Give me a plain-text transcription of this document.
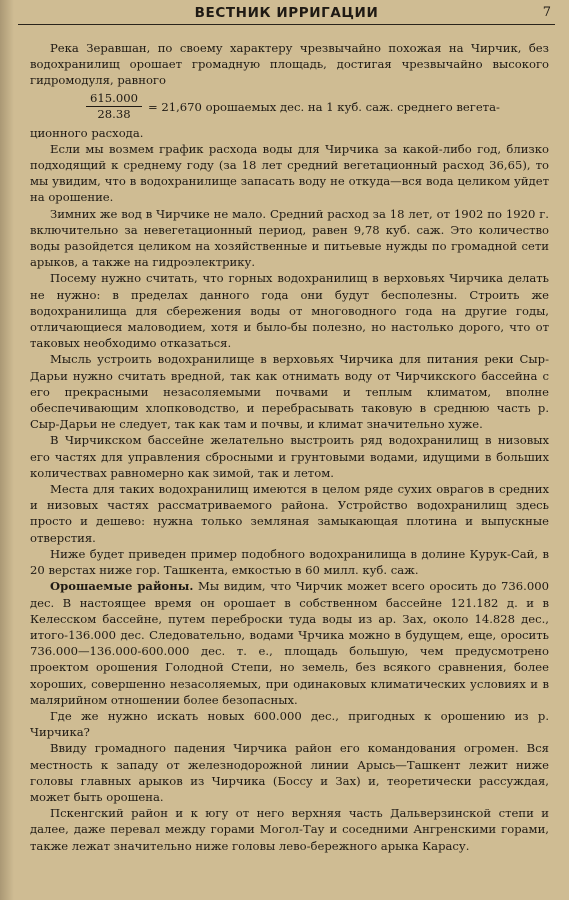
ВЕСТНИК ИРРИГАЦИИ	7

Река Зеравшан, по своему характеру чрезвычайно похожая на Чирчик, без водохранилищ орошает громадную площадь, достигая чрезвычайно высокого гидромодуля, равного

$\frac{615.000}{28.38} = 21,670$ орошаемых дес. на 1 куб. саж. среднего вегета-

ционного расхода.

Если мы возмем график расхода воды для Чирчика за какой-либо год, близко подходящий к среднему году (за 18 лет средний вегетационный расход 36,65), то мы увидим, что в водохранилище запасать воду не откуда—вся вода целиком уйдет на орошение.

Зимних же вод в Чирчике не мало. Средний расход за 18 лет, от 1902 по 1920 г. включительно за невегетационный период, равен 9,78 куб. саж. Это количество воды разойдется целиком на хозяйственные и питьевые нужды по громадной сети арыков, а также на гидроэлектрику.

Посему нужно считать, что горных водохранилищ в верховьях Чирчика делать не нужно: в пределах данного года они будут бесполезны. Строить же водохранилища для сбережения воды от многоводного года на другие годы, отличающиеся маловодием, хотя и было-бы полезно, но настолько дорого, что от таковых необходимо отказаться.

Мысль устроить водохранилище в верховьях Чирчика для питания реки Сыр-Дарьи нужно считать вредной, так как отнимать воду от Чирчикского бассейна с его прекрасными незасоляемыми почвами и теплым климатом, вполне обеспечивающим хлопководство, и перебрасывать таковую в среднюю часть р. Сыр-Дарьи не следует, так как там и почвы, и климат значительно хуже.

В Чирчикском бассейне желательно выстроить ряд водохранилищ в низовых его частях для управления сбросными и грунтовыми водами, идущими в больших количествах равномерно как зимой, так и летом.

Места для таких водохранилищ имеются в целом ряде сухих оврагов в средних и низовых частях рассматриваемого района. Устройство водохранилищ здесь просто и дешево: нужна только земляная замыкающая плотина и выпускные отверстия.

Ниже будет приведен пример подобного водохранилища в долине Курук-Сай, в 20 верстах ниже гор. Ташкента, емкостью в 60 милл. куб. саж.

Орошаемые районы. Мы видим, что Чирчик может всего оросить до 736.000 дес. В настоящее время он орошает в собственном бассейне 121.182 д. и в Келесском бассейне, путем переброски туда воды из ар. Зах, около 14.828 дес., итого-136.000 дес. Следовательно, водами Чрчика можно в будущем, еще, оросить 736.000—136.000-600.000 дес. т. е., площадь большую, чем предусмотрено проектом орошения Голодной Степи, но земель, без всякого сравнения, более хороших, совершенно незасоляемых, при одинаковых климатических условиях и в малярийном отношении более безопасных.

Где же нужно искать новых 600.000 дес., пригодных к орошению из р. Чирчика?

Ввиду громадного падения Чирчика район его командования огромен. Вся местность к западу от железнодорожной линии Арысь—Ташкент лежит ниже головы главных арыков из Чирчика (Боссу и Зах) и, теоретически рассуждая, может быть орошена.

Пскенгский район и к югу от него верхняя часть Дальверзинской степи и далее, даже перевал между горами Могол-Тау и соседними Ангренскими горами, также лежат значительно ниже головы лево-бережного арыка Карасу.
